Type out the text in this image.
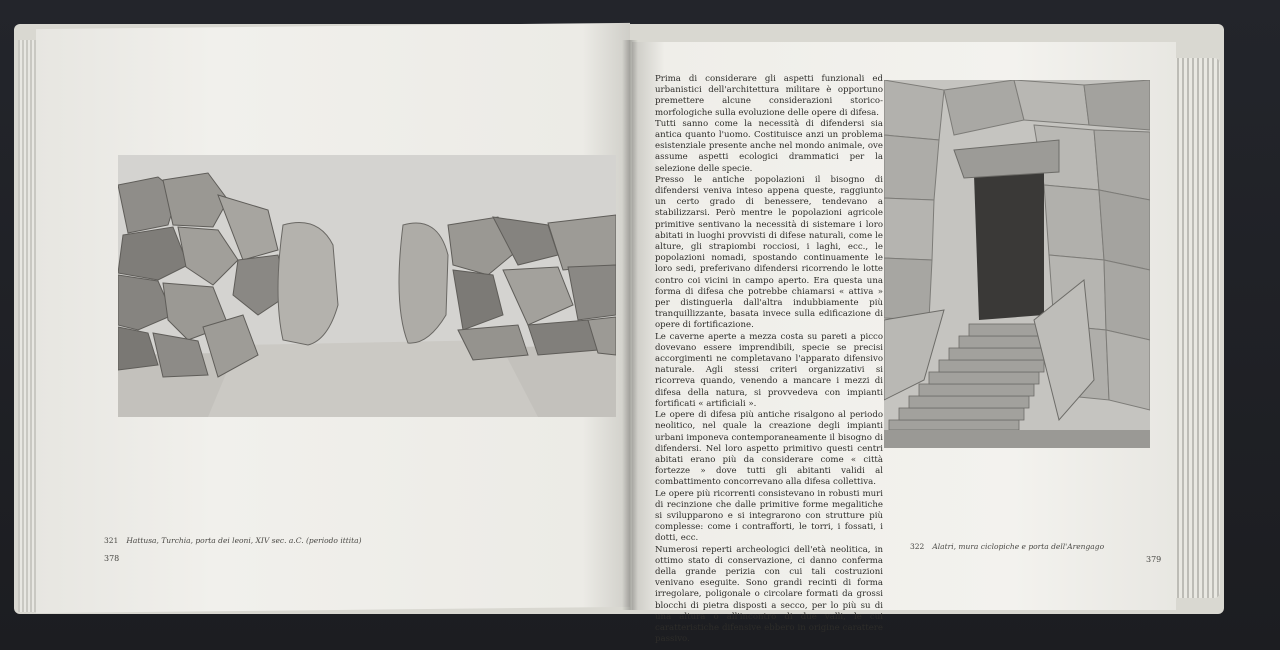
321 Hattusa, Turchia, porta dei leoni, XIV sec. a.C. (periodo ittita)
378

Prima di considerare gli aspetti funzionali ed urbanistici dell'architettura militare è opportuno premettere alcune considerazioni storico-morfologiche sulla evoluzione delle opere di difesa.

Tutti sanno come la necessità di difendersi sia antica quanto l'uomo. Costituisce anzi un problema esistenziale presente anche nel mondo animale, ove assume aspetti ecologici drammatici per la selezione delle specie.

Presso le antiche popolazioni il bisogno di difendersi veniva inteso appena queste, raggiunto un certo grado di benessere, tendevano a stabilizzarsi. Però mentre le popolazioni agricole primitive sentivano la necessità di sistemare i loro abitati in luoghi provvisti di difese naturali, come le alture, gli strapiombi rocciosi, i laghi, ecc., le popolazioni nomadi, spostando continuamente le loro sedi, preferivano difendersi ricorrendo le lotte contro coi vicini in campo aperto. Era questa una forma di difesa che potrebbe chiamarsi « attiva » per distinguerla dall'altra indubbiamente più tranquillizzante, basata invece sulla edificazione di opere di fortificazione.

Le caverne aperte a mezza costa su pareti a picco dovevano essere imprendibili, specie se precisi accorgimenti ne completavano l'apparato difensivo naturale. Agli stessi criteri organizzativi si ricorreva quando, venendo a mancare i mezzi di difesa della natura, si provvedeva con impianti fortificati « artificiali ».

Le opere di difesa più antiche risalgono al periodo neolitico, nel quale la creazione degli impianti urbani imponeva contemporaneamente il bisogno di difendersi. Nel loro aspetto primitivo questi centri abitati erano più da considerare come « città fortezze » dove tutti gli abitanti validi al combattimento concorrevano alla difesa collettiva.

Le opere più ricorrenti consistevano in robusti muri di recinzione che dalle primitive forme megalitiche si svilupparono e si integrarono con strutture più complesse: come i contrafforti, le torri, i fossati, i dotti, ecc.

Numerosi reperti archeologici dell'età neolitica, in ottimo stato di conservazione, ci danno conferma della grande perizia con cui tali costruzioni venivano eseguite. Sono grandi recinti di forma irregolare, poligonale o circolare formati da grossi blocchi di pietra disposti a secco, per lo più su di una altura o all'incontro di due valli, le cui caratteristiche difensive ebbero in origine carattere passivo.

322 Alatri, mura ciclopiche e porta dell'Arengago
379
